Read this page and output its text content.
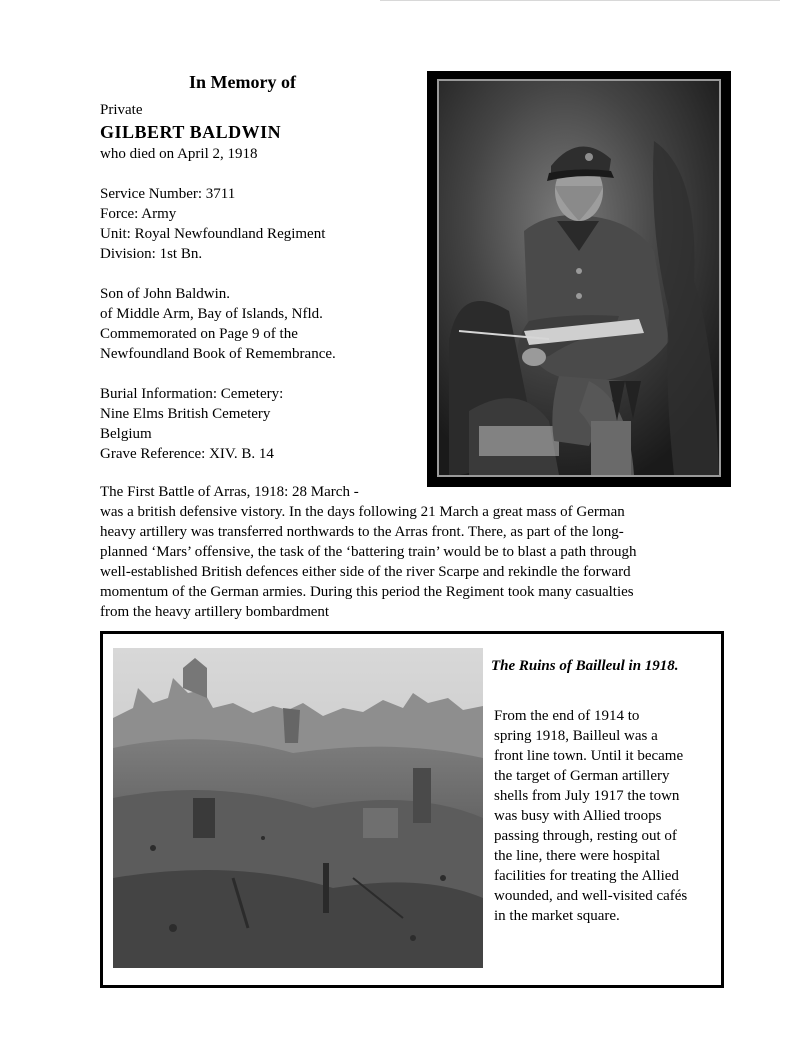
In Memory of
Private
GILBERT BALDWIN
who died on April 2, 1918
Service Number: 3711
Force: Army
Unit: Royal Newfoundland Regiment
Division: 1st Bn.
Son of John Baldwin.
of Middle Arm, Bay of Islands, Nfld.
Commemorated on Page 9 of the
Newfoundland Book of Remembrance.
Burial Information: Cemetery:
Nine Elms British Cemetery
Belgium
Grave Reference: XIV. B. 14
The First Battle of Arras, 1918: 28 March -
was a british defensive vistory. In the days following 21 March a great mass of German
heavy artillery was transferred northwards to the Arras front. There, as part of the long-
planned ‘Mars’ offensive, the task of the ‘battering train’ would be to blast a path through
well-established British defences either side of the river Scarpe and rekindle the forward
momentum of the German armies. During this period the Regiment took many casualties
from the heavy artillery bombardment
The Ruins of Bailleul in 1918.
From the end of 1914 to
spring 1918, Bailleul was a
front line town. Until it became
the target of German artillery
shells from July 1917 the town
was busy with Allied troops
passing through, resting out of
the line, there were hospital
facilities for treating the Allied
wounded, and well-visited cafés
in the market square.
